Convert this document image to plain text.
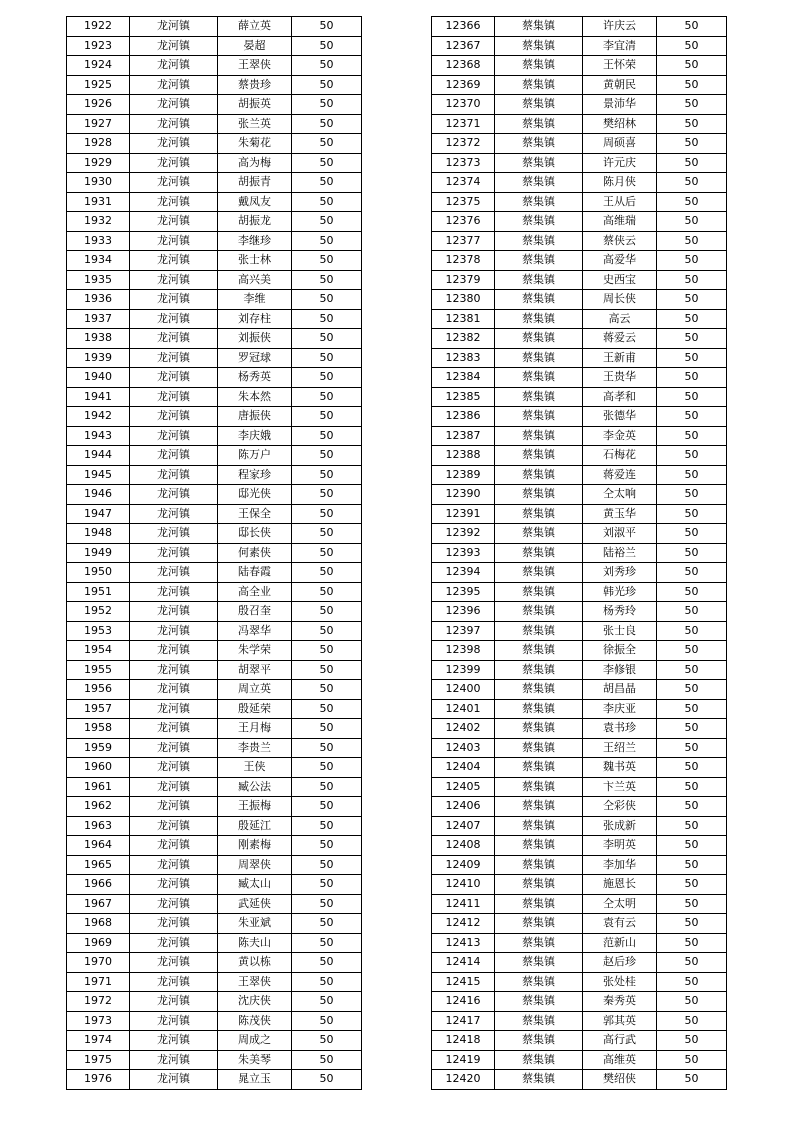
1922	龙河镇	薛立英	50
1923	龙河镇	晏超	50
1924	龙河镇	王翠侠	50
1925	龙河镇	蔡贵珍	50
1926	龙河镇	胡振英	50
1927	龙河镇	张兰英	50
1928	龙河镇	朱菊花	50
1929	龙河镇	高为梅	50
1930	龙河镇	胡振青	50
1931	龙河镇	戴凤友	50
1932	龙河镇	胡振龙	50
1933	龙河镇	李继珍	50
1934	龙河镇	张士林	50
1935	龙河镇	高兴美	50
1936	龙河镇	李维	50
1937	龙河镇	刘存柱	50
1938	龙河镇	刘振侠	50
1939	龙河镇	罗冠球	50
1940	龙河镇	杨秀英	50
1941	龙河镇	朱本然	50
1942	龙河镇	唐振侠	50
1943	龙河镇	李庆娥	50
1944	龙河镇	陈万户	50
1945	龙河镇	程家珍	50
1946	龙河镇	邸光侠	50
1947	龙河镇	王保全	50
1948	龙河镇	邸长侠	50
1949	龙河镇	何素侠	50
1950	龙河镇	陆春霞	50
1951	龙河镇	高全业	50
1952	龙河镇	殷召奎	50
1953	龙河镇	冯翠华	50
1954	龙河镇	朱学荣	50
1955	龙河镇	胡翠平	50
1956	龙河镇	周立英	50
1957	龙河镇	殷延荣	50
1958	龙河镇	王月梅	50
1959	龙河镇	李贵兰	50
1960	龙河镇	王侠	50
1961	龙河镇	臧公法	50
1962	龙河镇	王振梅	50
1963	龙河镇	殷延江	50
1964	龙河镇	刚素梅	50
1965	龙河镇	周翠侠	50
1966	龙河镇	臧太山	50
1967	龙河镇	武延侠	50
1968	龙河镇	朱亚斌	50
1969	龙河镇	陈夫山	50
1970	龙河镇	黄以栋	50
1971	龙河镇	王翠侠	50
1972	龙河镇	沈庆侠	50
1973	龙河镇	陈茂侠	50
1974	龙河镇	周成之	50
1975	龙河镇	朱美琴	50
1976	龙河镇	晁立玉	50
12366	蔡集镇	许庆云	50
12367	蔡集镇	李宜清	50
12368	蔡集镇	王怀荣	50
12369	蔡集镇	黄朝民	50
12370	蔡集镇	景沛华	50
12371	蔡集镇	樊绍林	50
12372	蔡集镇	周硕喜	50
12373	蔡集镇	许元庆	50
12374	蔡集镇	陈月侠	50
12375	蔡集镇	王从后	50
12376	蔡集镇	高维瑞	50
12377	蔡集镇	蔡侠云	50
12378	蔡集镇	高爱华	50
12379	蔡集镇	史西宝	50
12380	蔡集镇	周长侠	50
12381	蔡集镇	高云	50
12382	蔡集镇	蒋爱云	50
12383	蔡集镇	王新甫	50
12384	蔡集镇	王贵华	50
12385	蔡集镇	高孝和	50
12386	蔡集镇	张德华	50
12387	蔡集镇	李金英	50
12388	蔡集镇	石梅花	50
12389	蔡集镇	蒋爱连	50
12390	蔡集镇	仝太响	50
12391	蔡集镇	黄玉华	50
12392	蔡集镇	刘淑平	50
12393	蔡集镇	陆裕兰	50
12394	蔡集镇	刘秀珍	50
12395	蔡集镇	韩光珍	50
12396	蔡集镇	杨秀玲	50
12397	蔡集镇	张士良	50
12398	蔡集镇	徐振全	50
12399	蔡集镇	李修银	50
12400	蔡集镇	胡昌晶	50
12401	蔡集镇	李庆亚	50
12402	蔡集镇	袁书珍	50
12403	蔡集镇	王绍兰	50
12404	蔡集镇	魏书英	50
12405	蔡集镇	卞兰英	50
12406	蔡集镇	仝彩侠	50
12407	蔡集镇	张成新	50
12408	蔡集镇	李明英	50
12409	蔡集镇	李加华	50
12410	蔡集镇	施恩长	50
12411	蔡集镇	仝太明	50
12412	蔡集镇	袁有云	50
12413	蔡集镇	范新山	50
12414	蔡集镇	赵后珍	50
12415	蔡集镇	张处桂	50
12416	蔡集镇	秦秀英	50
12417	蔡集镇	郭其英	50
12418	蔡集镇	高行武	50
12419	蔡集镇	高维英	50
12420	蔡集镇	樊绍侠	50
